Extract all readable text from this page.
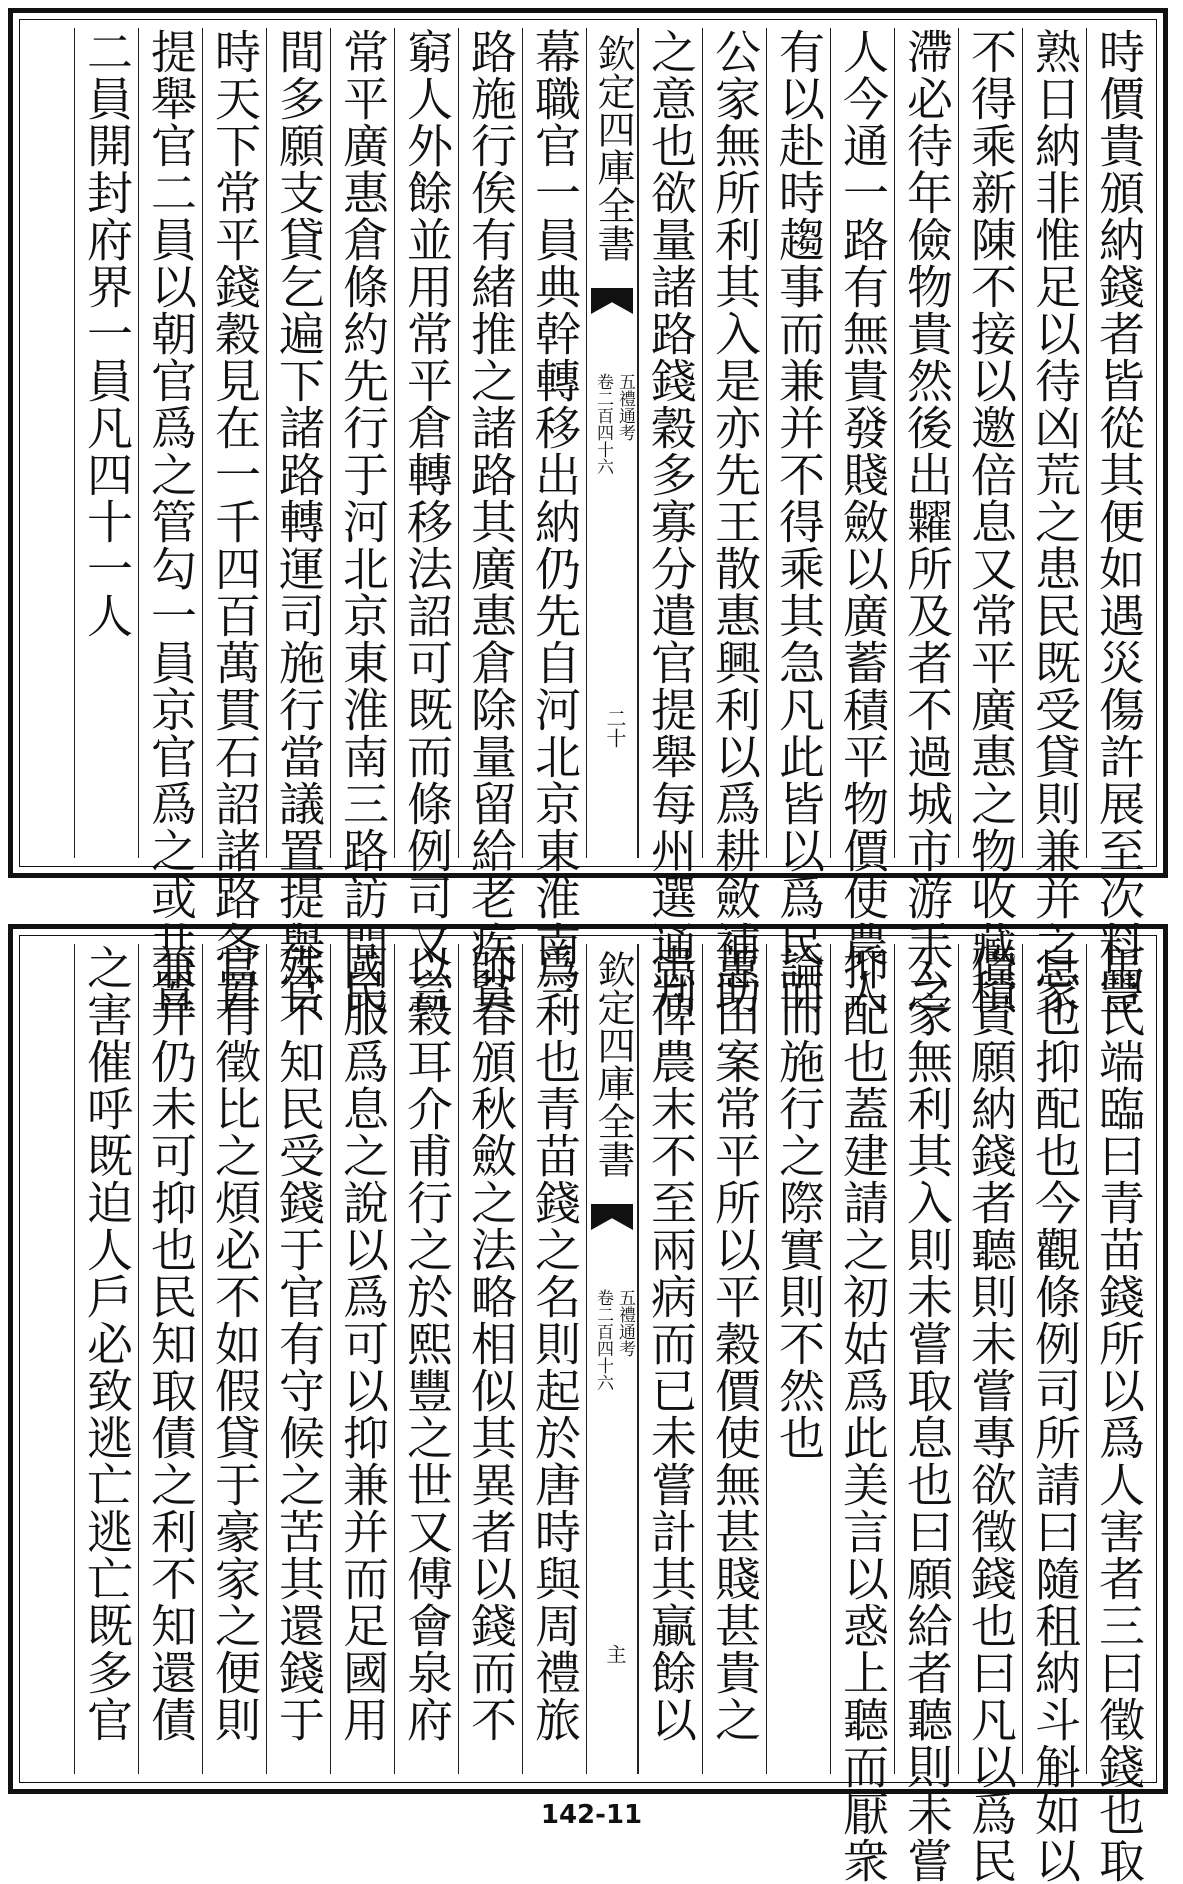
時價貴頒納錢者皆從其便如遇災傷許展至次料豐
熟日納非惟足以待凶荒之患民既受貸則兼并之家
不得乘新陳不接以邀倍息又常平廣惠之物收藏積
滯必待年儉物貴然後出糶所及者不過城市游手之
人今通一路有無貴發賤斂以廣蓄積平物價使農人
有以赴時趨事而兼并不得乘其急凡此皆以爲民而
公家無所利其入是亦先王散惠興利以爲耕斂補助
之意也欲量諸路錢穀多寡分遣官提舉每州選通判
幕職官一員典幹轉移出納仍先自河北京東淮南三
路施行俟有緒推之諸路其廣惠倉除量留給老疾貧
窮人外餘並用常平倉轉移法詔可既而條例司又言
常平廣惠倉條約先行于河北京東淮南三路訪問民
間多願支貸乞遍下諸路轉運司施行當議置提舉官
時天下常平錢穀見在一千四百萬貫石詔諸路各置
提舉官二員以朝官爲之管勾一員京官爲之或共置
二員開封府界一員凡四十一人	欽定四庫全書
五禮通考
卷二百四十六
二十
馬氏端臨曰青苗錢所以爲人害者三曰徵錢也取
息也抑配也今觀條例司所請曰隨租納斗斛如以
價貴願納錢者聽則未嘗專欲徵錢也曰凡以爲民
公家無利其入則未嘗取息也曰願給者聽則未嘗
抑配也蓋建請之初姑爲此美言以惑上聽而厭衆
論而施行之際實則不然也
蕙田案常平所以平穀價使無甚賤甚貴之
患俾農末不至兩病而已未嘗計其贏餘以
爲利也青苗錢之名則起於唐時與周禮旅
師春頒秋斂之法略相似其異者以錢而不
以穀耳介甫行之於熙豐之世又傅會泉府
國服爲息之說以爲可以抑兼并而足國用
殊不知民受錢于官有守候之苦其還錢于
官有徵比之煩必不如假貸于豪家之便則
兼并仍未可抑也民知取債之利不知還債
之害催呼既迫人戶必致逃亡逃亡既多官	欽定四庫全書
五禮通考
卷二百四十六
主
142-11
